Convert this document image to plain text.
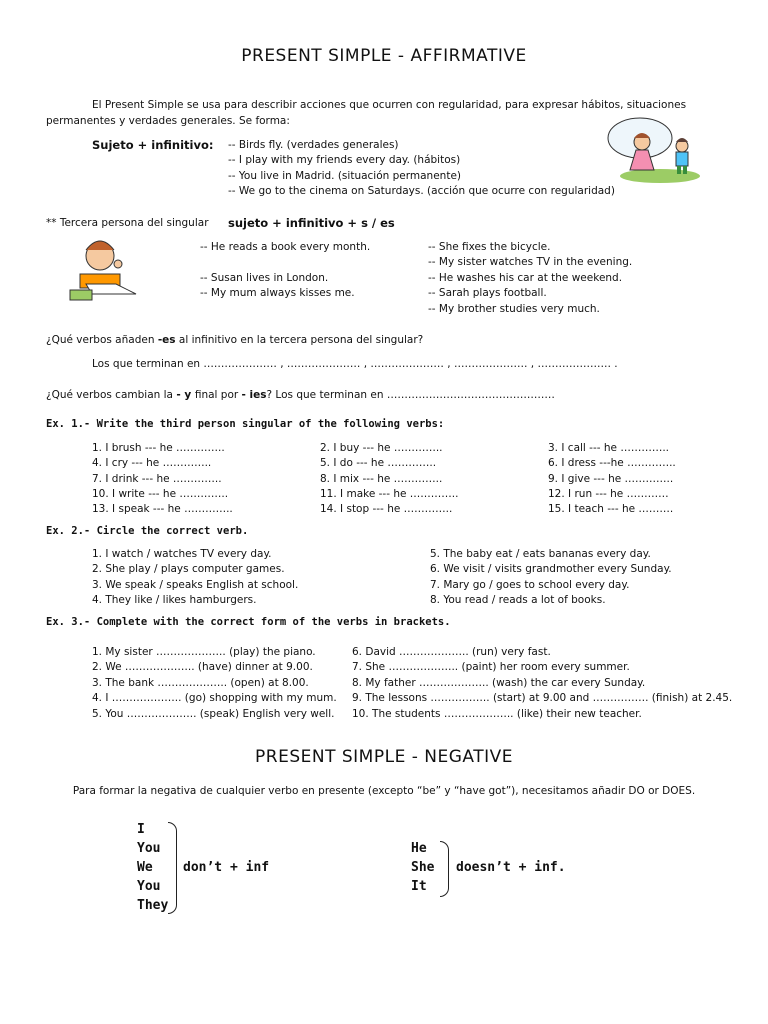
PRESENT SIMPLE - AFFIRMATIVE
El Present Simple se usa para describir acciones que ocurren con regularidad, para expresar hábitos, situaciones
permanentes y verdades generales. Se forma:
Sujeto + infinitivo: -- Birds fly. (verdades generales)
-- I play with my friends every day. (hábitos)
-- You live in Madrid. (situación permanente)
-- We go to the cinema on Saturdays. (acción que ocurre con regularidad)
** Tercera persona del singular sujeto + infinitivo + s / es
-- He reads a book every month.
-- Susan lives in London.
-- My mum always kisses me.
-- She fixes the bicycle.
-- My sister watches TV in the evening.
-- He washes his car at the weekend.
-- Sarah plays football.
-- My brother studies very much.
¿Qué verbos añaden -es al infinitivo en la tercera persona del singular?
Los que terminan en ………………… , ………………… , ………………… , ………………… , ………………… .
¿Qué verbos cambian la - y final por - ies? Los que terminan en …………………………………………
Ex. 1.- Write the third person singular of the following verbs:
1. I brush --- he …………..	2. I buy --- he …………..	3. I call --- he …………..
4. I cry --- he …………..	5. I do --- he …………..	6. I dress ---he …………..
7. I drink --- he …………..	8. I mix --- he …………..	9. I give --- he …………..
10. I write --- he …………..	11. I make --- he …………..	12. I run --- he …………
13. I speak --- he …………..	14. I stop --- he …………..	15. I teach --- he ……….
Ex. 2.- Circle the correct verb.
1. I watch / watches TV every day.
2. She play / plays computer games.
3. We speak / speaks English at school.
4. They like / likes hamburgers.
5. The baby eat / eats bananas every day.
6. We visit / visits grandmother every Sunday.
7. Mary go / goes to school every day.
8. You read / reads a lot of books.
Ex. 3.- Complete with the correct form of the verbs in brackets.
1. My sister ……………….. (play) the piano.
2. We ……………….. (have) dinner at 9.00.
3. The bank ……………….. (open) at 8.00.
4. I ……………….. (go) shopping with my mum.
5. You ……………….. (speak) English very well.
6. David ……………….. (run) very fast.
7. She ……………….. (paint) her room every summer.
8. My father ……………….. (wash) the car every Sunday.
9. The lessons …………….. (start) at 9.00 and ……………. (finish) at 2.45.
10. The students ……………….. (like) their new teacher.
PRESENT SIMPLE - NEGATIVE
Para formar la negativa de cualquier verbo en presente (excepto “be” y “have got”), necesitamos añadir DO or DOES.
I
You
We
You
They
don’t + inf
He
She
It
doesn’t + inf.
